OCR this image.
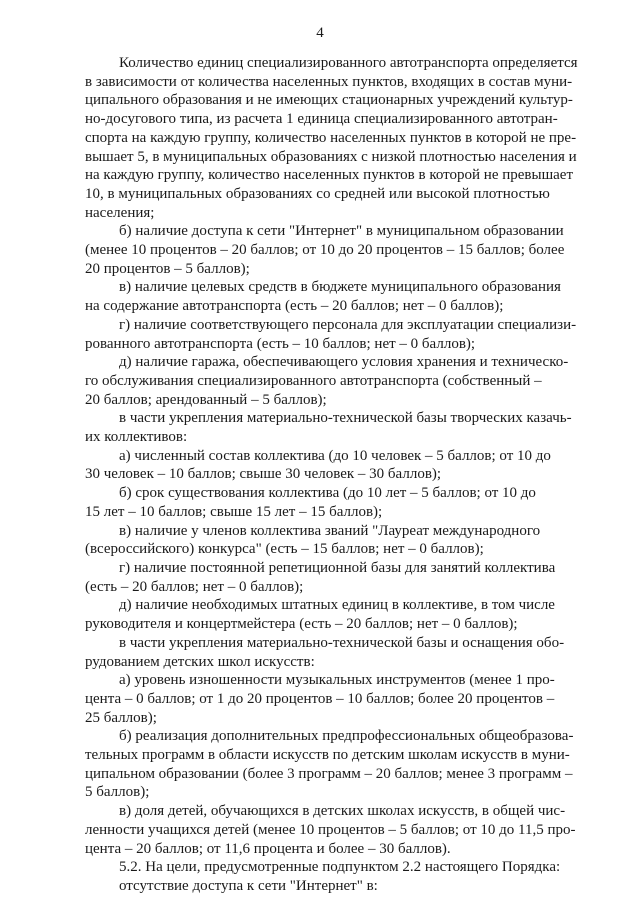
4

Количество единиц специализированного автотранспорта определяется
в зависимости от количества населенных пунктов, входящих в состав муни-
ципального образования и не имеющих стационарных учреждений культур-
но-досугового типа, из расчета 1 единица специализированного автотран-
спорта на каждую группу, количество населенных пунктов в которой не пре-
вышает 5, в муниципальных образованиях с низкой плотностью населения и
на каждую группу, количество населенных пунктов в которой не превышает
10, в муниципальных образованиях со средней или высокой плотностью
населения;

б) наличие доступа к сети "Интернет" в муниципальном образовании
(менее 10 процентов – 20 баллов; от 10 до 20 процентов – 15 баллов; более
20 процентов – 5 баллов);

в) наличие целевых средств в бюджете муниципального образования
на содержание автотранспорта (есть – 20 баллов; нет – 0 баллов);

г) наличие соответствующего персонала для эксплуатации специализи-
рованного автотранспорта (есть – 10 баллов; нет – 0 баллов);

д) наличие гаража, обеспечивающего условия хранения и техническо-
го обслуживания специализированного автотранспорта (собственный –
20 баллов; арендованный – 5 баллов);

в части укрепления материально-технической базы творческих казачь-
их коллективов:

а) численный состав коллектива (до 10 человек – 5 баллов; от 10 до
30 человек – 10 баллов; свыше 30 человек – 30 баллов);

б) срок существования коллектива (до 10 лет – 5 баллов; от 10 до
15 лет – 10 баллов; свыше 15 лет – 15 баллов);

в) наличие у членов коллектива званий "Лауреат международного
(всероссийского) конкурса" (есть – 15 баллов; нет – 0 баллов);

г) наличие постоянной репетиционной базы для занятий коллектива
(есть – 20 баллов; нет – 0 баллов);

д) наличие необходимых штатных единиц в коллективе, в том числе
руководителя и концертмейстера (есть – 20 баллов; нет – 0 баллов);

в части укрепления материально-технической базы и оснащения обо-
рудованием детских школ искусств:

а) уровень изношенности музыкальных инструментов (менее 1 про-
цента – 0 баллов; от 1 до 20 процентов – 10 баллов; более 20 процентов –
25 баллов);

б) реализация дополнительных предпрофессиональных общеобразова-
тельных программ в области искусств по детским школам искусств в муни-
ципальном образовании (более 3 программ – 20 баллов; менее 3 программ –
5 баллов);

в) доля детей, обучающихся в детских школах искусств, в общей чис-
ленности учащихся детей (менее 10 процентов – 5 баллов; от 10 до 11,5 про-
цента – 20 баллов; от 11,6 процента и более – 30 баллов).

5.2. На цели, предусмотренные подпунктом 2.2 настоящего Порядка:

отсутствие доступа к сети "Интернет" в:
